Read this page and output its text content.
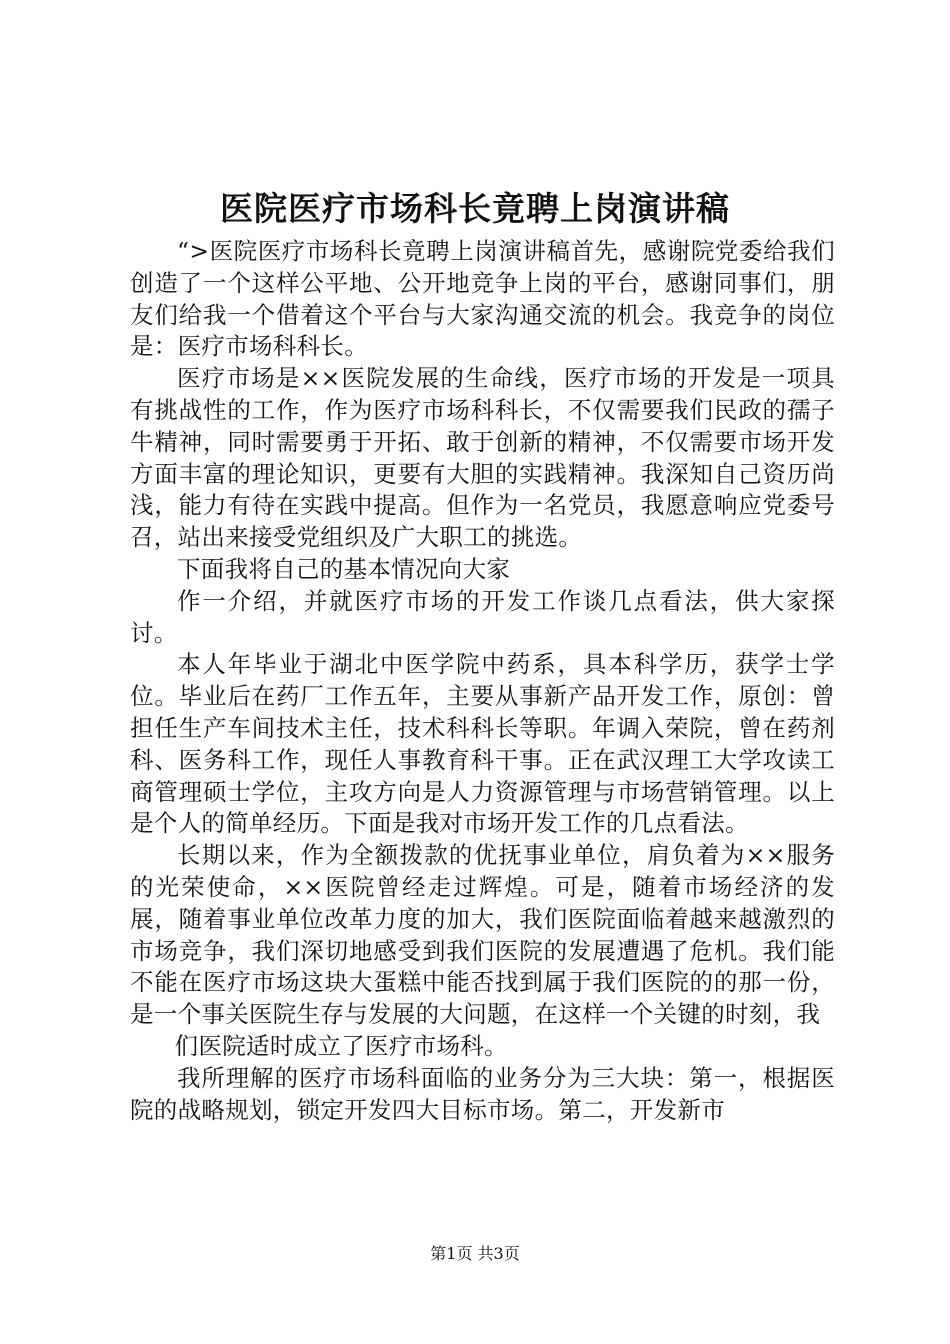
医院医疗市场科长竟聘上岗演讲稿

“>医院医疗市场科长竟聘上岗演讲稿首先，感谢院党委给我们创造了一个这样公平地、公开地竞争上岗的平台，感谢同事们，朋友们给我一个借着这个平台与大家沟通交流的机会。我竞争的岗位是：医疗市场科科长。

医疗市场是××医院发展的生命线，医疗市场的开发是一项具有挑战性的工作，作为医疗市场科科长，不仅需要我们民政的孺子牛精神，同时需要勇于开拓、敢于创新的精神，不仅需要市场开发方面丰富的理论知识，更要有大胆的实践精神。我深知自己资历尚浅，能力有待在实践中提高。但作为一名党员，我愿意响应党委号召，站出来接受党组织及广大职工的挑选。

下面我将自己的基本情况向大家

作一介绍，并就医疗市场的开发工作谈几点看法，供大家探讨。

本人年毕业于湖北中医学院中药系，具本科学历，获学士学位。毕业后在药厂工作五年，主要从事新产品开发工作，原创：曾担任生产车间技术主任，技术科科长等职。年调入荣院，曾在药剂科、医务科工作，现任人事教育科干事。正在武汉理工大学攻读工商管理硕士学位，主攻方向是人力资源管理与市场营销管理。以上是个人的简单经历。下面是我对市场开发工作的几点看法。

长期以来，作为全额拨款的优抚事业单位，肩负着为××服务的光荣使命，××医院曾经走过辉煌。可是，随着市场经济的发展，随着事业单位改革力度的加大，我们医院面临着越来越激烈的市场竞争，我们深切地感受到我们医院的发展遭遇了危机。我们能不能在医疗市场这块大蛋糕中能否找到属于我们医院的的那一份，是一个事关医院生存与发展的大问题，在这样一个关键的时刻，我

们医院适时成立了医疗市场科。

我所理解的医疗市场科面临的业务分为三大块：第一，根据医院的战略规划，锁定开发四大目标市场。第二，开发新市

第1页 共3页
